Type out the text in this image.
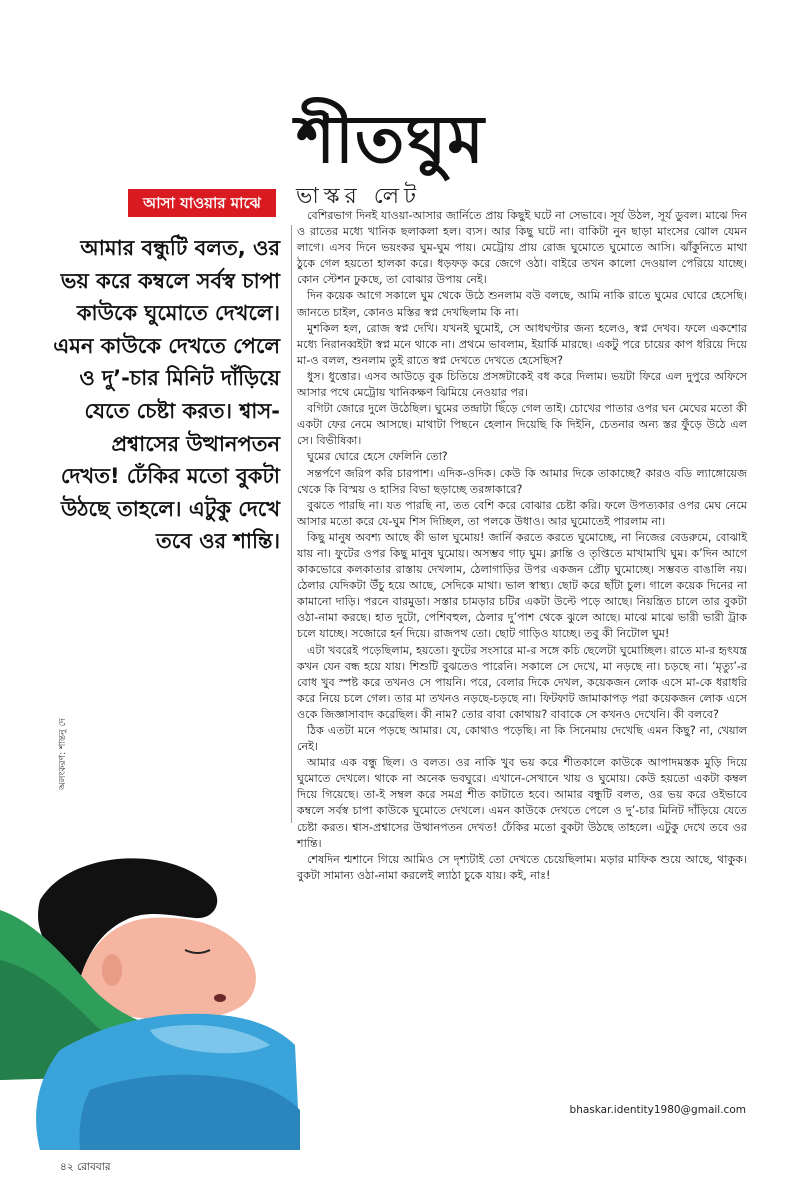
শীতঘুম
ভাস্কর লেট
আসা যাওয়ার মাঝে
আমার বন্ধুটি বলত, ওর ভয় করে কম্বলে সর্বস্ব চাপা কাউকে ঘুমোতে দেখলে। এমন কাউকে দেখতে পেলে ও দু’-চার মিনিট দাঁড়িয়ে যেতে চেষ্টা করত। শ্বাস-প্রশ্বাসের উত্থানপতন দেখত! ঢেঁকির মতো বুকটা উঠছে তাহলে। এটুকু দেখে তবে ওর শান্তি।
অলংকরণ: শান্তনু দে

বেশিরভাগ দিনই যাওয়া-আসার জার্নিতে প্রায় কিছুই ঘটে না সেভাবে। সূর্য উঠল, সূর্য ডুবল। মাঝে দিন ও রাতের মধ্যে খানিক ছলাকলা হল। ব্যস। আর কিছু ঘটে না। বাকিটা নুন ছাড়া মাংসের ঝোল যেমন লাগে। এসব দিনে ভয়ংকর ঘুম-ঘুম পায়। মেট্রোয় প্রায় রোজ ঘুমোতে ঘুমোতে আসি। ঝাঁকুনিতে মাথা ঠুকে গেল হয়তো হালকা করে। ধড়ফড় করে জেগে ওঠা। বাইরে তখন কালো দেওয়াল পেরিয়ে যাচ্ছে। কোন স্টেশন ঢুকছে, তা বোঝার উপায় নেই।

দিন কয়েক আগে সকালে ঘুম থেকে উঠে শুনলাম বউ বলছে, আমি নাকি রাতে ঘুমের ঘোরে হেসেছি। জানতে চাইল, কোনও মস্তির স্বপ্ন দেখছিলাম কি না।

মুশকিল হল, রোজ স্বপ্ন দেখি। যখনই ঘুমোই, সে আধঘণ্টার জন্য হলেও, স্বপ্ন দেখব। ফলে একশোর মধ্যে নিরানব্বইটা স্বপ্ন মনে থাকে না। প্রথমে ভাবলাম, ইয়ার্কি মারছে। একটু পরে চায়ের কাপ ধরিয়ে দিয়ে মা-ও বলল, শুনলাম তুই রাতে স্বপ্ন দেখতে দেখতে হেসেছিস?

ধুস। ধুত্তোর। এসব আউড়ে বুক চিতিয়ে প্রসঙ্গটাকেই বধ করে দিলাম। ভয়টা ফিরে এল দুপুরে অফিসে আসার পথে মেট্রোয় খানিকক্ষণ ঝিমিয়ে নেওয়ার পর।

বগিটা জোরে দুলে উঠেছিল। ঘুমের তন্দ্রাটা ছিঁড়ে গেল তাই। চোখের পাতার ওপর ঘন মেঘের মতো কী একটা ফের নেমে আসছে। মাথাটা পিছনে হেলান দিয়েছি কি দিইনি, চেতনার অন্য স্তর ফুঁড়ে উঠে এল সে। বিভীষিকা।

ঘুমের ঘোরে হেসে ফেলিনি তো?

সন্তর্পণে জরিপ করি চারপাশ। এদিক-ওদিক। কেউ কি আমার দিকে তাকাচ্ছে? কারও বডি ল্যাঙ্গোয়েজ থেকে কি বিস্ময় ও হাসির বিভা ছড়াচ্ছে তরঙ্গাকারে?

বুঝতে পারছি না। যত পারছি না, তত বেশি করে বোঝার চেষ্টা করি। ফলে উপত্যকার ওপর মেঘ নেমে আসার মতো করে যে-ঘুম শিস দিচ্ছিল, তা পলকে উধাও। আর ঘুমোতেই পারলাম না।

কিছু মানুষ অবশ্য আছে কী ভাল ঘুমোয়! জার্নি করতে করতে ঘুমোচ্ছে, না নিজের বেডরুমে, বোঝাই যায় না। ফুটের ওপর কিছু মানুষ ঘুমোয়। অসম্ভব গাঢ় ঘুম। ক্লান্তি ও তৃপ্তিতে মাখামাখি ঘুম। ক’দিন আগে কাকভোরে কলকাতার রাস্তায় দেখলাম, ঠেলাগাড়ির উপর একজন প্রৌঢ় ঘুমোচ্ছে। সম্ভবত বাঙালি নয়। ঠেলার যেদিকটা উঁচু হয়ে আছে, সেদিকে মাথা। ভাল স্বাস্থ্য। ছোট করে ছাঁটা চুল। গালে কয়েক দিনের না কামানো দাড়ি। পরনে বারমুডা। সস্তার চামড়ার চটির একটা উল্টে পড়ে আছে। নিয়ন্ত্রিত চালে তার বুকটা ওঠা-নামা করছে। হাত দুটো, পেশিবহুল, ঠেলার দু’পাশ থেকে ঝুলে আছে। মাঝে মাঝে ভারী ভারী ট্রাক চলে যাচ্ছে। সজোরে হর্ন দিয়ে। রাজপথ তো। ছোট গাড়িও যাচ্ছে। তবু কী নিটোল ঘুম!

এটা খবরেই পড়েছিলাম, হয়তো। ফুটের সংসারে মা-র সঙ্গে কচি ছেলেটা ঘুমোচ্ছিল। রাতে মা-র হৃৎযন্ত্র কখন যেন বন্ধ হয়ে যায়। শিশুটি বুঝতেও পারেনি। সকালে সে দেখে, মা নড়ছে না। চড়ছে না। ‘মৃত্যু’-র বোধ খুব স্পষ্ট করে তখনও সে পায়নি। পরে, বেলার দিকে দেখল, কয়েকজন লোক এসে মা-কে ধরাধরি করে নিয়ে চলে গেল। তার মা তখনও নড়ছে-চড়ছে না। ফিটফাট জামাকাপড় পরা কয়েকজন লোক এসে ওকে জিজ্ঞাসাবাদ করেছিল। কী নাম? তোর বাবা কোথায়? বাবাকে সে কখনও দেখেনি। কী বলবে?

ঠিক এতটা মনে পড়ছে আমার। যে, কোথাও পড়েছি। না কি সিনেমায় দেখেছি এমন কিছু? না, খেয়াল নেই।

আমার এক বন্ধু ছিল। ও বলত। ওর নাকি খুব ভয় করে শীতকালে কাউকে আপাদমস্তক মুড়ি দিয়ে ঘুমোতে দেখলে। থাকে না অনেক ভবঘুরে। এখানে-সেখানে খায় ও ঘুমোয়। কেউ হয়তো একটা কম্বল দিয়ে গিয়েছে। তা-ই সম্বল করে সমগ্র শীত কাটাতে হবে। আমার বন্ধুটি বলত, ওর ভয় করে ওইভাবে কম্বলে সর্বস্ব চাপা কাউকে ঘুমোতে দেখলে। এমন কাউকে দেখতে পেলে ও দু’-চার মিনিট দাঁড়িয়ে যেতে চেষ্টা করত। শ্বাস-প্রশ্বাসের উত্থানপতন দেখত! ঢেঁকির মতো বুকটা উঠছে তাহলে। এটুকু দেখে তবে ওর শান্তি।

শেষদিন শ্মশানে গিয়ে আমিও সে দৃশ্যটাই তো দেখতে চেয়েছিলাম। মড়ার মাফিক শুয়ে আছে, থাকুক। বুকটা সামান্য ওঠা-নামা করলেই ল্যাঠা চুকে যায়। কই, নাঃ!

bhaskar.identity1980@gmail.com
৪২ রোববার
